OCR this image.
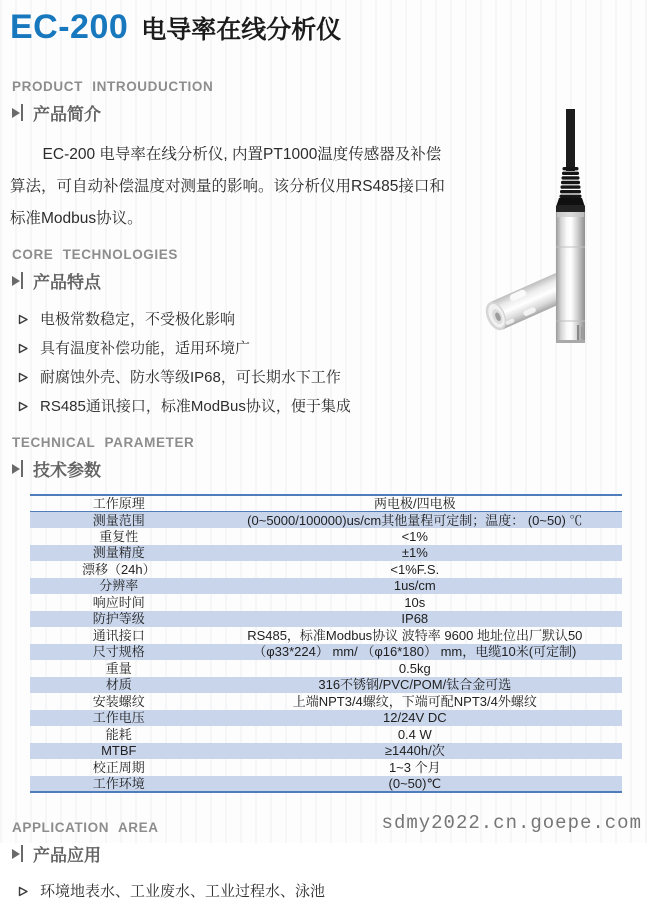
EC-200 电导率在线分析仪
PRODUCT INTROUDUCTION
产品简介

EC-200 电导率在线分析仪, 内置PT1000温度传感器及补偿算法，可自动补偿温度对测量的影响。该分析仪用RS485接口和标准Modbus协议。

CORE TECHNOLOGIES
产品特点
电极常数稳定，不受极化影响
具有温度补偿功能，适用环境广
耐腐蚀外壳、防水等级IP68，可长期水下工作
RS485通讯接口，标准ModBus协议，便于集成
TECHNICAL PARAMETER
技术参数
工作原理	两电极/四电极
测量范围	(0~5000/100000)us/cm其他量程可定制；温度： (0~50) ℃
重复性	<1%
测量精度	±1%
漂移（24h）	<1%F.S.
分辨率	1us/cm
响应时间	10s
防护等级	IP68
通讯接口	RS485，标准Modbus协议 波特率 9600 地址位出厂默认50
尺寸规格	（φ33*224） mm/ （φ16*180） mm，电缆10米(可定制)
重量	0.5kg
材质	316不锈钢/PVC/POM/钛合金可选
安装螺纹	上端NPT3/4螺纹，下端可配NPT3/4外螺纹
工作电压	12/24V DC
能耗	0.4 W
MTBF	≥1440h/次
校正周期	1~3 个月
工作环境	(0~50)℃
APPLICATION AREA
产品应用
环境地表水、工业废水、工业过程水、泳池
sdmy2022.cn.goepe.com
